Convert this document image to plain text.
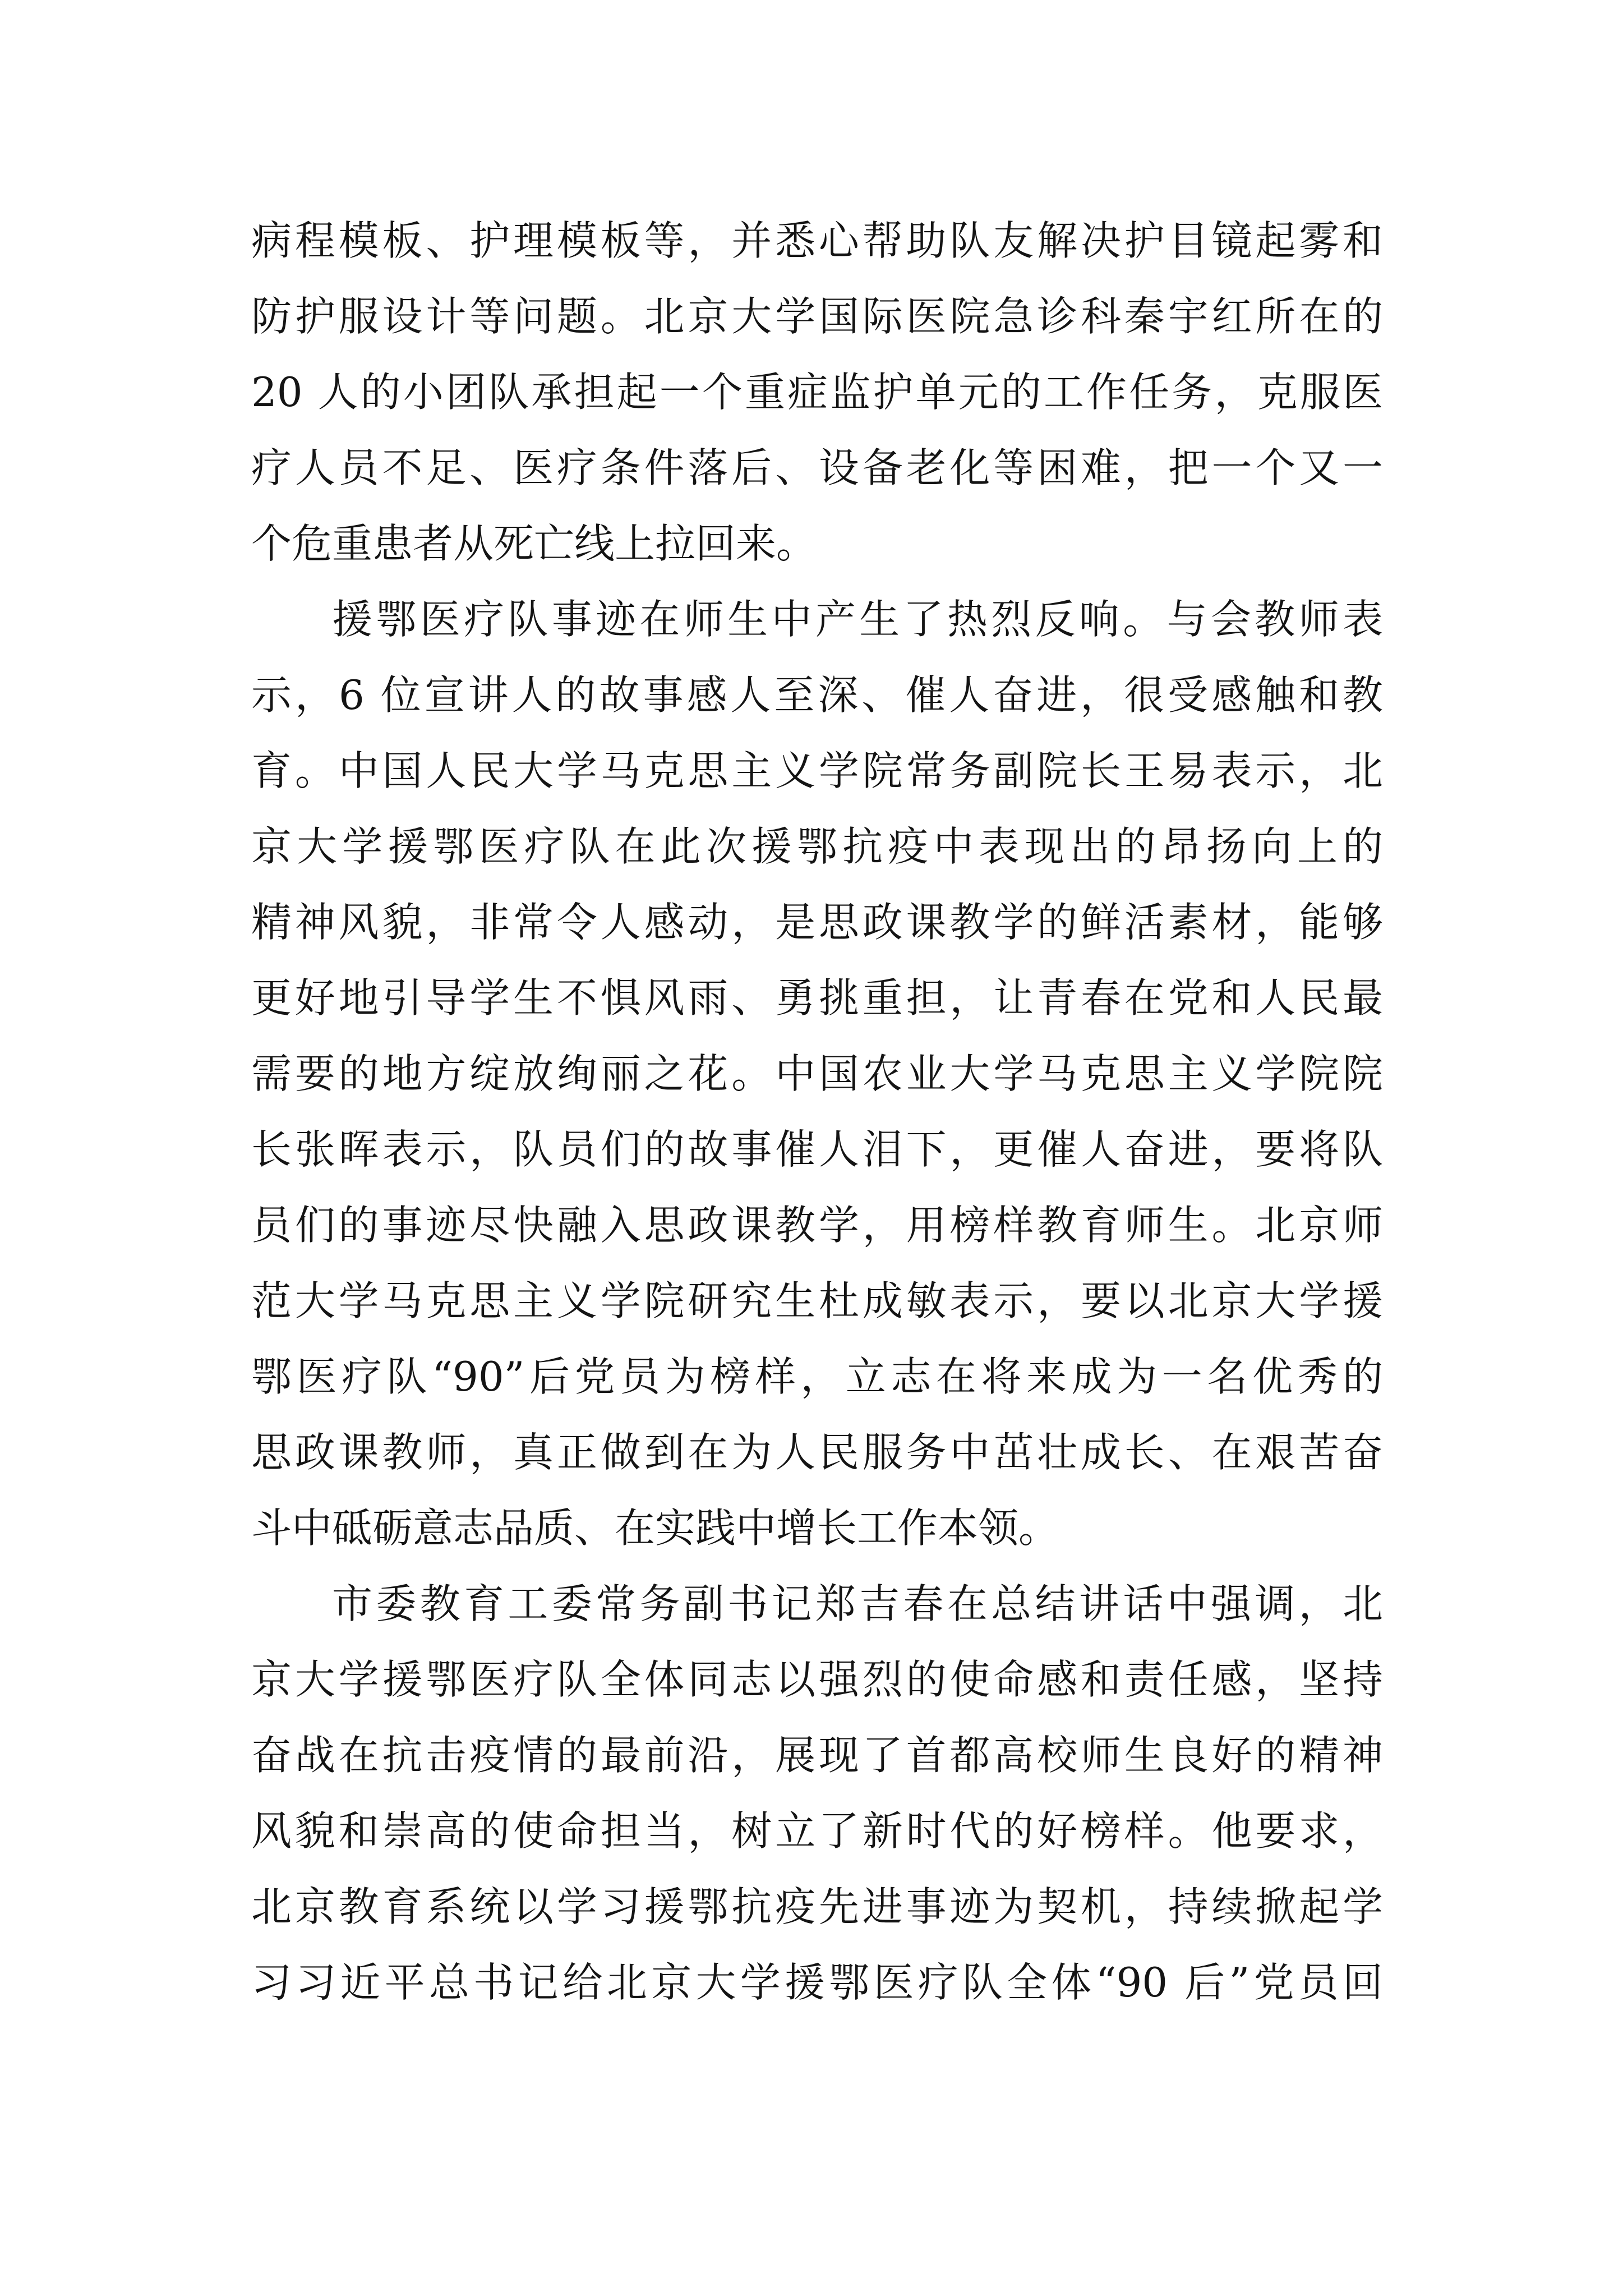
病程模板、护理模板等，并悉心帮助队友解决护目镜起雾和
防护服设计等问题。北京大学国际医院急诊科秦宇红所在的
20 人的小团队承担起一个重症监护单元的工作任务，克服医
疗人员不足、医疗条件落后、设备老化等困难，把一个又一
个危重患者从死亡线上拉回来。
援鄂医疗队事迹在师生中产生了热烈反响。与会教师表
示，6 位宣讲人的故事感人至深、催人奋进，很受感触和教
育。中国人民大学马克思主义学院常务副院长王易表示，北
京大学援鄂医疗队在此次援鄂抗疫中表现出的昂扬向上的
精神风貌，非常令人感动，是思政课教学的鲜活素材，能够
更好地引导学生不惧风雨、勇挑重担，让青春在党和人民最
需要的地方绽放绚丽之花。中国农业大学马克思主义学院院
长张晖表示，队员们的故事催人泪下，更催人奋进，要将队
员们的事迹尽快融入思政课教学，用榜样教育师生。北京师
范大学马克思主义学院研究生杜成敏表示，要以北京大学援
鄂医疗队“90”后党员为榜样，立志在将来成为一名优秀的
思政课教师，真正做到在为人民服务中茁壮成长、在艰苦奋
斗中砥砺意志品质、在实践中增长工作本领。
市委教育工委常务副书记郑吉春在总结讲话中强调，北
京大学援鄂医疗队全体同志以强烈的使命感和责任感，坚持
奋战在抗击疫情的最前沿，展现了首都高校师生良好的精神
风貌和崇高的使命担当，树立了新时代的好榜样。他要求，
北京教育系统以学习援鄂抗疫先进事迹为契机，持续掀起学
习习近平总书记给北京大学援鄂医疗队全体“90 后”党员回
